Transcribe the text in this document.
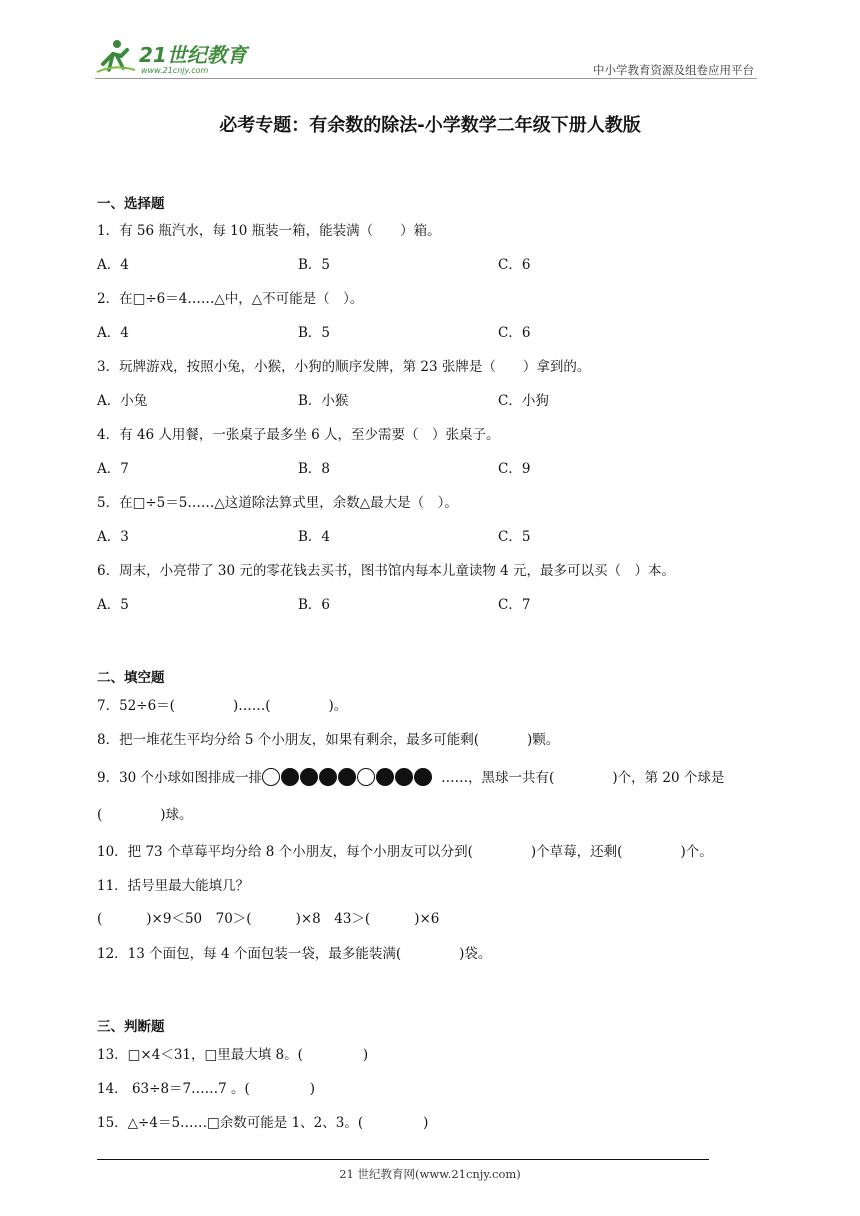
21世纪教育
www.21cnjy.com	中小学教育资源及组卷应用平台
必考专题：有余数的除法-小学数学二年级下册人教版
一、选择题
1．有 56 瓶汽水，每 10 瓶装一箱，能装满（　　）箱。
A．4	B．5	C．6
2．在□÷6＝4……△中，△不可能是（　）。
A．4	B．5	C．6
3．玩牌游戏，按照小兔，小猴，小狗的顺序发牌，第 23 张牌是（　　）拿到的。
A．小兔	B．小猴	C．小狗
4．有 46 人用餐，一张桌子最多坐 6 人，至少需要（　）张桌子。
A．7	B．8	C．9
5．在□÷5＝5……△这道除法算式里，余数△最大是（　）。
A．3	B．4	C．5
6．周末，小亮带了 30 元的零花钱去买书，图书馆内每本儿童读物 4 元，最多可以买（　）本。
A．5	B．6	C．7
二、填空题
7．52÷6＝(	)……(	)。
8．把一堆花生平均分给 5 个小朋友，如果有剩余，最多可能剩(	)颗。
9．30 个小球如图排成一排	……，黑球一共有(	)个，第 20 个球是
(	)球。
10．把 73 个草莓平均分给 8 个小朋友，每个小朋友可以分到(	)个草莓，还剩(	)个。
11．括号里最大能填几？
(	)×9＜50　70＞(	)×8　43＞(	)×6
12．13 个面包，每 4 个面包装一袋，最多能装满(	)袋。
三、判断题
13．□×4＜31，□里最大填 8。(	)
14． 63÷8＝7……7 。(	)
15．△÷4＝5……□余数可能是 1、2、3。(	)
21 世纪教育网(www.21cnjy.com)
